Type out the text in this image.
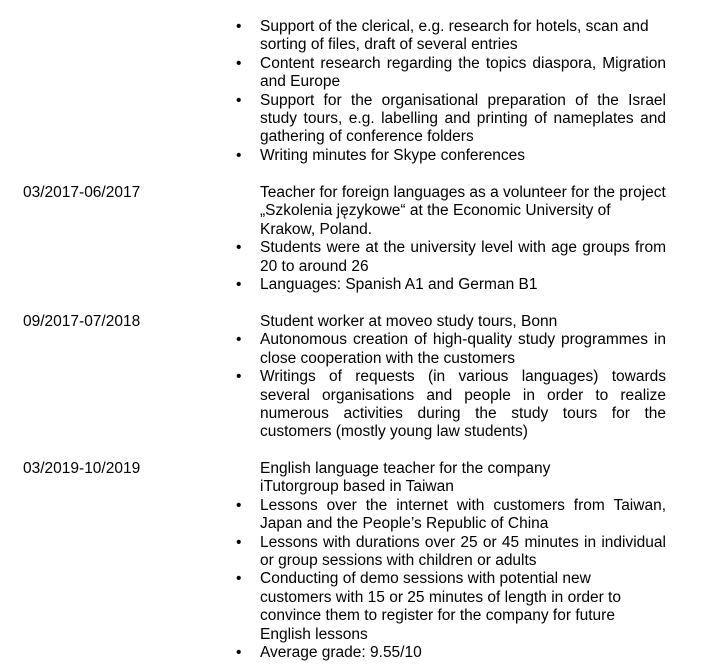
• Support of the clerical, e.g. research for hotels, scan and sorting of files, draft of several entries
• Content research regarding the topics diaspora, Migration and Europe
• Support for the organisational preparation of the Israel study tours, e.g. labelling and printing of nameplates and gathering of conference folders
• Writing minutes for Skype conferences
03/2017-06/2017	Teacher for foreign languages as a volunteer for the project „Szkolenia językowe“ at the Economic University of Krakow, Poland.
• Students were at the university level with age groups from 20 to around 26
• Languages: Spanish A1 and German B1
09/2017-07/2018	Student worker at moveo study tours, Bonn
• Autonomous creation of high-quality study programmes in close cooperation with the customers
• Writings of requests (in various languages) towards several organisations and people in order to realize numerous activities during the study tours for the customers (mostly young law students)
03/2019-10/2019	English language teacher for the company
iTutorgroup based in Taiwan
• Lessons over the internet with customers from Taiwan, Japan and the People’s Republic of China
• Lessons with durations over 25 or 45 minutes in individual or group sessions with children or adults
• Conducting of demo sessions with potential new customers with 15 or 25 minutes of length in order to convince them to register for the company for future English lessons
• Average grade: 9.55/10
